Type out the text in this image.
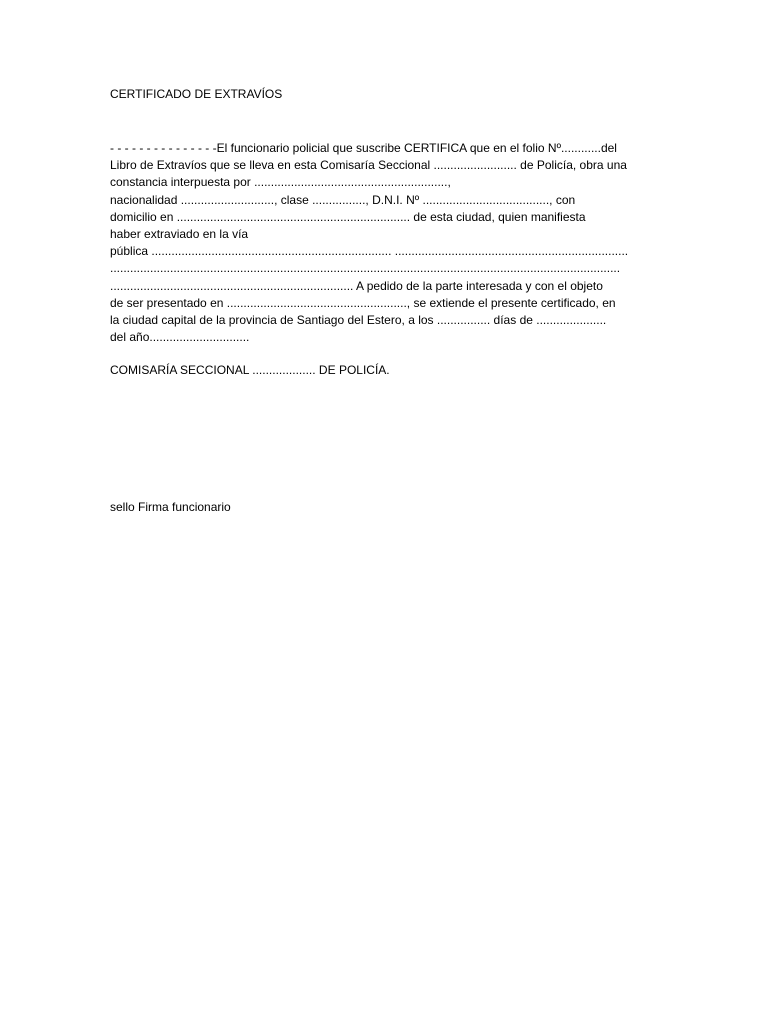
CERTIFICADO DE EXTRAVÍOS
- - - - - - - - - - - - - - -El funcionario policial que suscribe CERTIFICA que en el folio Nº............del
Libro de Extravíos que se lleva en esta Comisaría Seccional ......................... de Policía, obra una
constancia interpuesta por ..........................................................,
nacionalidad ............................, clase ................, D.N.I. Nº ......................................, con
domicilio en ...................................................................... de esta ciudad, quien manifiesta
haber extraviado en la vía
pública ........................................................................ ......................................................................
.........................................................................................................................................................
......................................................................... A pedido de la parte interesada y con el objeto
de ser presentado en ......................................................, se extiende el presente certificado, en
la ciudad capital de la provincia de Santiago del Estero, a los ................ días de .....................
del año..............................
COMISARÍA SECCIONAL ................... DE POLICÍA.
sello Firma funcionario
